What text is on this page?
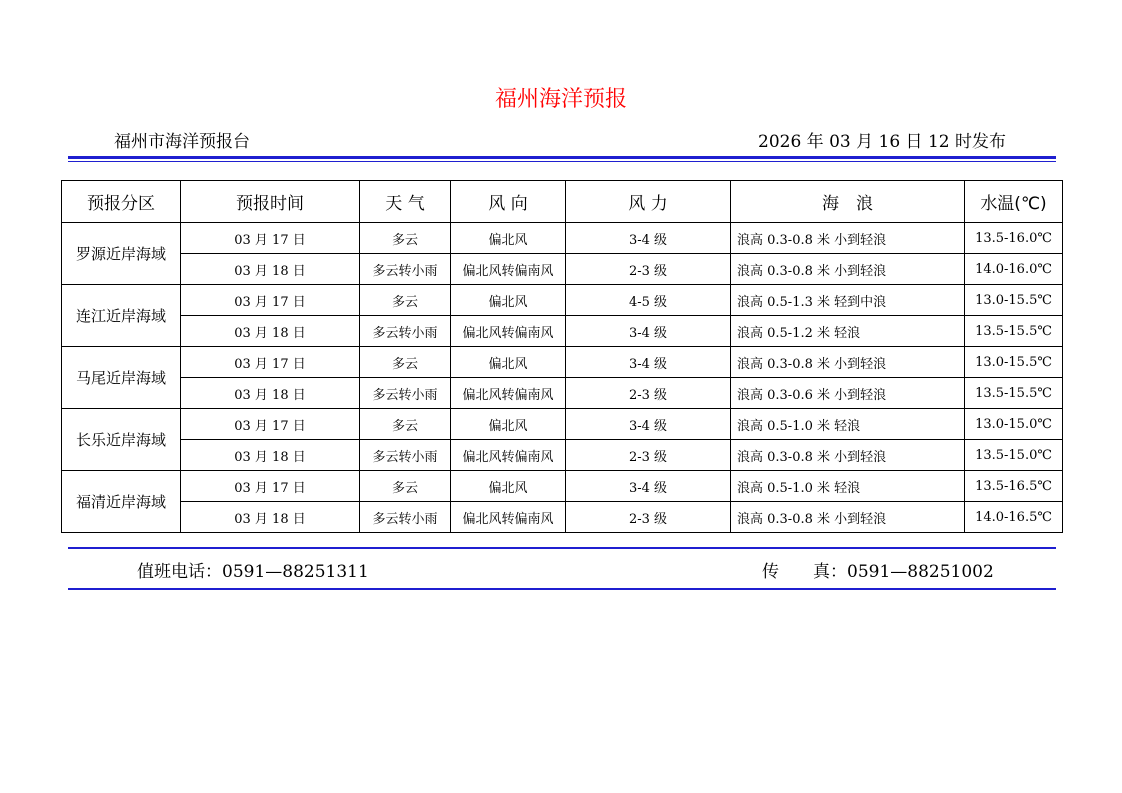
福州海洋预报
福州市海洋预报台	2026 年 03 月 16 日 12 时发布
预报分区	预报时间	天 气	风 向	风 力	海　浪	水温(℃)
罗源近岸海域	03 月 17 日	多云	偏北风	3-4 级	浪高 0.3-0.8 米 小到轻浪	13.5-16.0℃
	03 月 18 日	多云转小雨	偏北风转偏南风	2-3 级	浪高 0.3-0.8 米 小到轻浪	14.0-16.0℃
连江近岸海域	03 月 17 日	多云	偏北风	4-5 级	浪高 0.5-1.3 米 轻到中浪	13.0-15.5℃
	03 月 18 日	多云转小雨	偏北风转偏南风	3-4 级	浪高 0.5-1.2 米 轻浪	13.5-15.5℃
马尾近岸海域	03 月 17 日	多云	偏北风	3-4 级	浪高 0.3-0.8 米 小到轻浪	13.0-15.5℃
	03 月 18 日	多云转小雨	偏北风转偏南风	2-3 级	浪高 0.3-0.6 米 小到轻浪	13.5-15.5℃
长乐近岸海域	03 月 17 日	多云	偏北风	3-4 级	浪高 0.5-1.0 米 轻浪	13.0-15.0℃
	03 月 18 日	多云转小雨	偏北风转偏南风	2-3 级	浪高 0.3-0.8 米 小到轻浪	13.5-15.0℃
福清近岸海域	03 月 17 日	多云	偏北风	3-4 级	浪高 0.5-1.0 米 轻浪	13.5-16.5℃
	03 月 18 日	多云转小雨	偏北风转偏南风	2-3 级	浪高 0.3-0.8 米 小到轻浪	14.0-16.5℃
值班电话：0591—88251311	传　　真：0591—88251002
